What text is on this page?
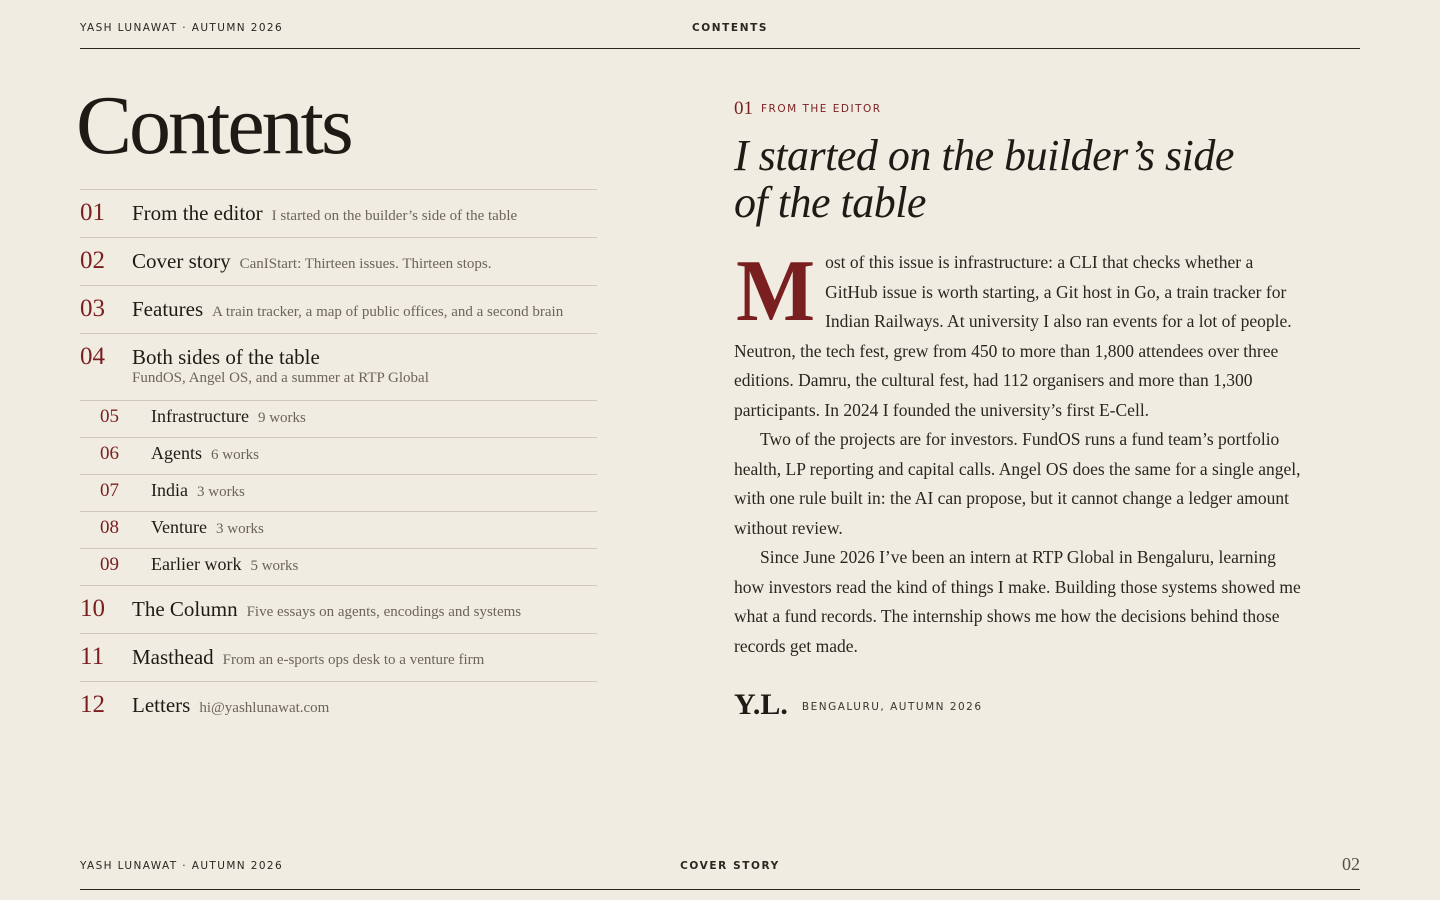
YASH LUNAWAT · AUTUMN 2026	CONTENTS
Contents
01 From the editor I started on the builder’s side of the table
02 Cover story CanIStart: Thirteen issues. Thirteen stops.
03 Features A train tracker, a map of public offices, and a second brain
04 Both sides of the table
FundOS, Angel OS, and a summer at RTP Global
05 Infrastructure 9 works
06 Agents 6 works
07 India 3 works
08 Venture 3 works
09 Earlier work 5 works
10 The Column Five essays on agents, encodings and systems
11 Masthead From an e-sports ops desk to a venture firm
12 Letters hi@yashlunawat.com
01 FROM THE EDITOR
I started on the builder’s side of the table

Most of this issue is infrastructure: a CLI that checks whether a GitHub issue is worth starting, a Git host in Go, a train tracker for Indian Railways. At university I also ran events for a lot of people. Neutron, the tech fest, grew from 450 to more than 1,800 attendees over three editions. Damru, the cultural fest, had 112 organisers and more than 1,300 participants. In 2024 I founded the university’s first E-Cell.

Two of the projects are for investors. FundOS runs a fund team’s portfolio health, LP reporting and capital calls. Angel OS does the same for a single angel, with one rule built in: the AI can propose, but it cannot change a ledger amount without review.

Since June 2026 I’ve been an intern at RTP Global in Bengaluru, learning how investors read the kind of things I make. Building those systems showed me what a fund records. The internship shows me how the decisions behind those records get made.

Y.L. $^{BENGALURU, AUTUMN 2026}$
YASH LUNAWAT · AUTUMN 2026	COVER STORY	02
